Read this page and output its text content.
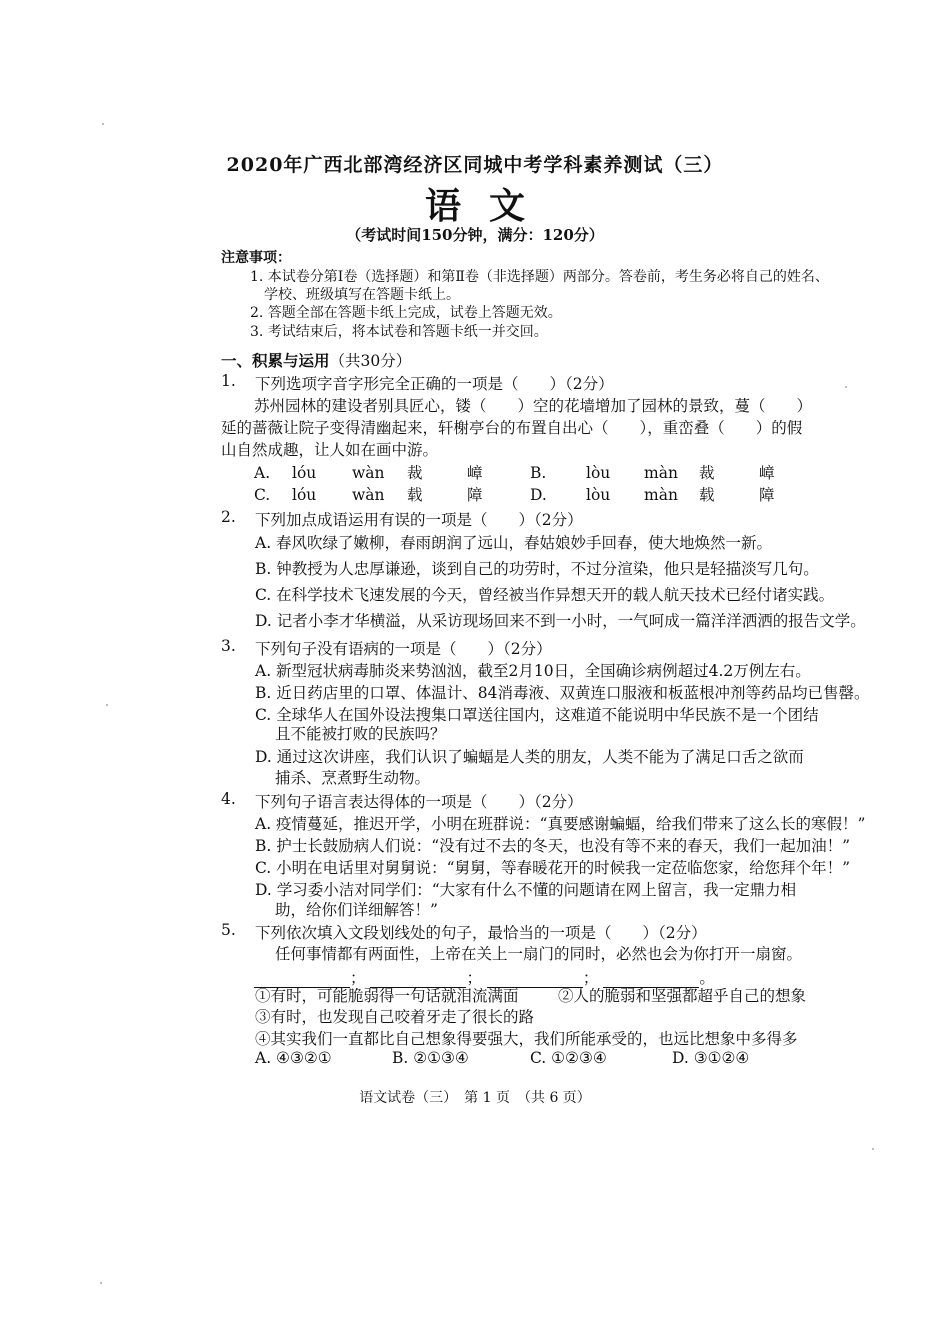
2020年广西北部湾经济区同城中考学科素养测试（三）
语文
（考试时间150分钟，满分：120分）
注意事项：
1. 本试卷分第Ⅰ卷（选择题）和第Ⅱ卷（非选择题）两部分。答卷前，考生务必将自己的姓名、
学校、班级填写在答题卡纸上。
2. 答题全部在答题卡纸上完成，试卷上答题无效。
3. 考试结束后，将本试卷和答题卡纸一并交回。
一、积累与运用（共30分）
1. 下列选项字音字形完全正确的一项是（　　）（2分）
苏州园林的建设者别具匠心，镂（　　）空的花墙增加了园林的景致，蔓（　　）
延的蔷薇让院子变得清幽起来，轩榭亭台的布置自出心（　　），重峦叠（　　）的假
山自然成趣，让人如在画中游。
A. lóu wàn 裁	嶂	B.	lòu màn 裁	嶂
C. lóu wàn 载	障	D.	lòu màn 载	障
2. 下列加点成语运用有误的一项是（　　）（2分）
A. 春风吹绿了嫩柳，春雨朗润了远山，春姑娘妙手回春，使大地焕然一新。
B. 钟教授为人忠厚谦逊，谈到自己的功劳时，不过分渲染，他只是轻描淡写几句。
C. 在科学技术飞速发展的今天，曾经被当作异想天开的载人航天技术已经付诸实践。
D. 记者小李才华横溢，从采访现场回来不到一小时，一气呵成一篇洋洋洒洒的报告文学。
3. 下列句子没有语病的一项是（　　）（2分）
A. 新型冠状病毒肺炎来势汹汹，截至2月10日，全国确诊病例超过4.2万例左右。
B. 近日药店里的口罩、体温计、84消毒液、双黄连口服液和板蓝根冲剂等药品均已售罄。
C. 全球华人在国外设法搜集口罩送往国内，这难道不能说明中华民族不是一个团结
且不能被打败的民族吗？
D. 通过这次讲座，我们认识了蝙蝠是人类的朋友，人类不能为了满足口舌之欲而
捕杀、烹煮野生动物。
4. 下列句子语言表达得体的一项是（　　）（2分）
A. 疫情蔓延，推迟开学，小明在班群说：“真要感谢蝙蝠，给我们带来了这么长的寒假！”
B. 护士长鼓励病人们说：“没有过不去的冬天，也没有等不来的春天，我们一起加油！”
C. 小明在电话里对舅舅说：“舅舅，等春暖花开的时候我一定莅临您家，给您拜个年！”
D. 学习委小洁对同学们：“大家有什么不懂的问题请在网上留言，我一定鼎力相
助，给你们详细解答！”
5. 下列依次填入文段划线处的句子，最恰当的一项是（　　）（2分）
任何事情都有两面性，上帝在关上一扇门的同时，必然也会为你打开一扇窗。
；	；	；	。
①有时，可能脆弱得一句话就泪流满面	②人的脆弱和坚强都超乎自己的想象
③有时，也发现自己咬着牙走了很长的路
④其实我们一直都比自己想象得要强大，我们所能承受的，也远比想象中多得多
A. ④③②①	B. ②①③④	C. ①②③④	D. ③①②④
语文试卷（三）　第 1 页　（共 6 页）
